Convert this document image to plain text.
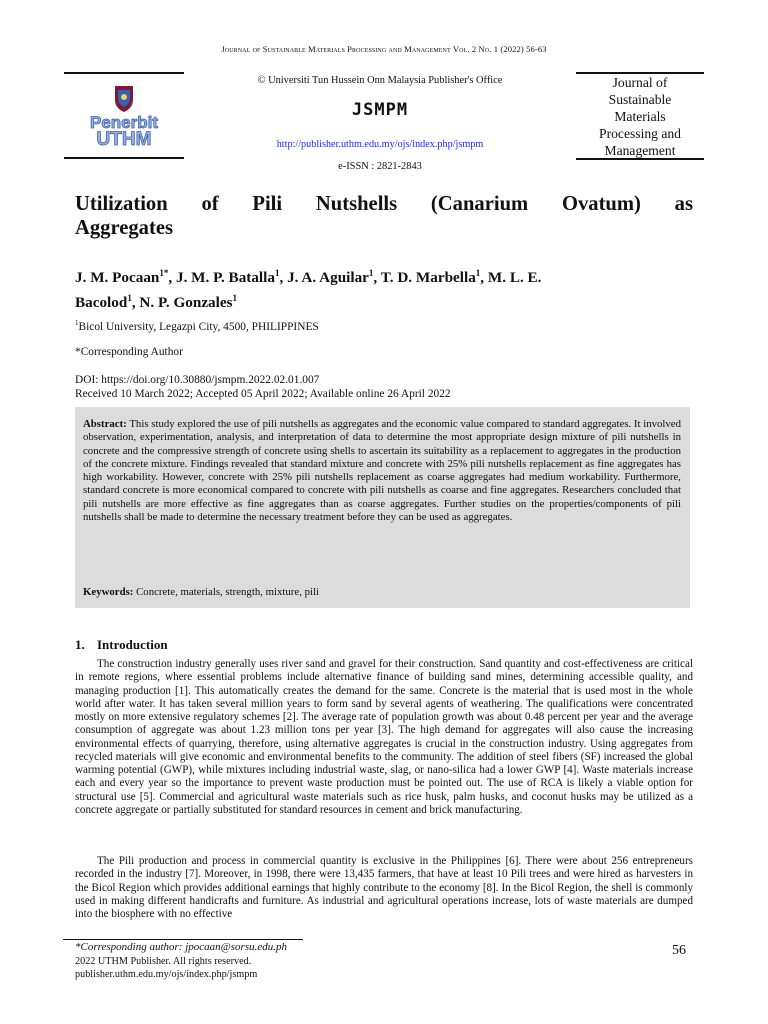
Journal of Sustainable Materials Processing and Management Vol. 2 No. 1 (2022) 56-63
Penerbit
UTHM
© Universiti Tun Hussein Onn Malaysia Publisher's Office
JSMPM
http://publisher.uthm.edu.my/ojs/index.php/jsmpm
e-ISSN : 2821-2843
Journal of
Sustainable
Materials
Processing and
Management
Utilization of Pili Nutshells (Canarium Ovatum) as
Aggregates
J. M. Pocaan$^{1*}$, J. M. P. Batalla$^1$, J. A. Aguilar$^1$, T. D. Marbella$^1$, M. L. E.
Bacolod$^1$, N. P. Gonzales$^1$
$^1$Bicol University, Legazpi City, 4500, PHILIPPINES
*Corresponding Author
DOI: https://doi.org/10.30880/jsmpm.2022.02.01.007
Received 10 March 2022; Accepted 05 April 2022; Available online 26 April 2022
Abstract: This study explored the use of pili nutshells as aggregates and the economic value compared to standard aggregates. It involved observation, experimentation, analysis, and interpretation of data to determine the most appropriate design mixture of pili nutshells in concrete and the compressive strength of concrete using shells to ascertain its suitability as a replacement to aggregates in the production of the concrete mixture. Findings revealed that standard mixture and concrete with 25% pili nutshells replacement as fine aggregates has high workability. However, concrete with 25% pili nutshells replacement as coarse aggregates had medium workability. Furthermore, standard concrete is more economical compared to concrete with pili nutshells as coarse and fine aggregates. Researchers concluded that pili nutshells are more effective as fine aggregates than as coarse aggregates. Further studies on the properties/components of pili nutshells shall be made to determine the necessary treatment before they can be used as aggregates.
Keywords: Concrete, materials, strength, mixture, pili
1. Introduction
The construction industry generally uses river sand and gravel for their construction. Sand quantity and cost-effectiveness are critical in remote regions, where essential problems include alternative finance of building sand mines, determining accessible quality, and managing production [1]. This automatically creates the demand for the same. Concrete is the material that is used most in the whole world after water. It has taken several million years to form sand by several agents of weathering. The qualifications were concentrated mostly on more extensive regulatory schemes [2]. The average rate of population growth was about 0.48 percent per year and the average consumption of aggregate was about 1.23 million tons per year [3]. The high demand for aggregates will also cause the increasing environmental effects of quarrying, therefore, using alternative aggregates is crucial in the construction industry. Using aggregates from recycled materials will give economic and environmental benefits to the community. The addition of steel fibers (SF) increased the global warming potential (GWP), while mixtures including industrial waste, slag, or nano-silica had a lower GWP [4]. Waste materials increase each and every year so the importance to prevent waste production must be pointed out. The use of RCA is likely a viable option for structural use [5]. Commercial and agricultural waste materials such as rice husk, palm husks, and coconut husks may be utilized as a concrete aggregate or partially substituted for standard resources in cement and brick manufacturing.
The Pili production and process in commercial quantity is exclusive in the Philippines [6]. There were about 256 entrepreneurs recorded in the industry [7]. Moreover, in 1998, there were 13,435 farmers, that have at least 10 Pili trees and were hired as harvesters in the Bicol Region which provides additional earnings that highly contribute to the economy [8]. In the Bicol Region, the shell is commonly used in making different handicrafts and furniture. As industrial and agricultural operations increase, lots of waste materials are dumped into the biosphere with no effective
*Corresponding author: jpocaan@sorsu.edu.ph
2022 UTHM Publisher. All rights reserved.
publisher.uthm.edu.my/ojs/index.php/jsmpm
56
